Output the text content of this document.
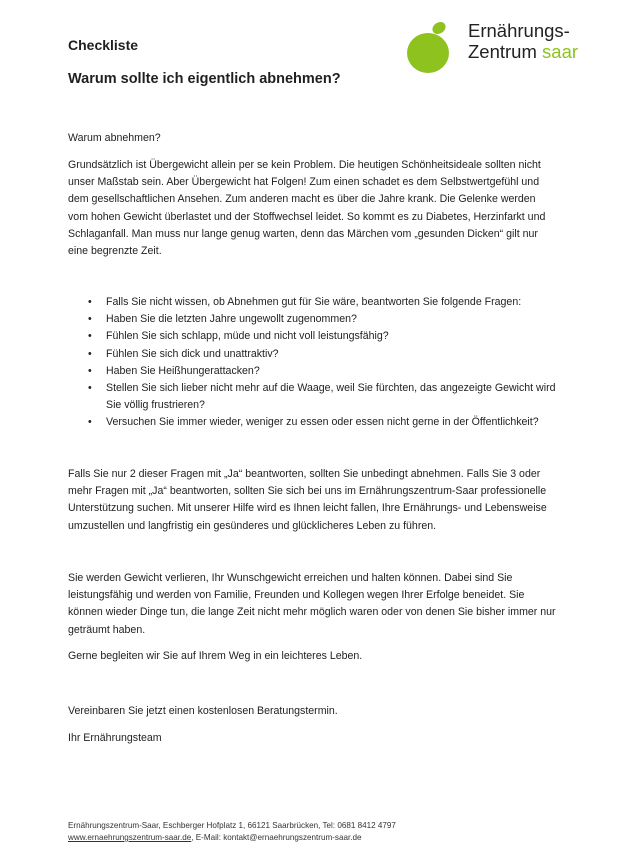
Checkliste
Warum sollte ich eigentlich abnehmen?
Ernährungs-
Zentrum saar

Warum abnehmen?

Grundsätzlich ist Übergewicht allein per se kein Problem. Die heutigen Schönheitsideale sollten nicht unser Maßstab sein. Aber Übergewicht hat Folgen! Zum einen schadet es dem Selbstwertgefühl und dem gesellschaftlichen Ansehen. Zum anderen macht es über die Jahre krank. Die Gelenke werden vom hohen Gewicht überlastet und der Stoffwechsel leidet. So kommt es zu Diabetes, Herzinfarkt und Schlaganfall. Man muss nur lange genug warten, denn das Märchen vom „gesunden Dicken“ gilt nur eine begrenzte Zeit.

• Falls Sie nicht wissen, ob Abnehmen gut für Sie wäre, beantworten Sie folgende Fragen:
• Haben Sie die letzten Jahre ungewollt zugenommen?
• Fühlen Sie sich schlapp, müde und nicht voll leistungsfähig?
• Fühlen Sie sich dick und unattraktiv?
• Haben Sie Heißhungerattacken?
• Stellen Sie sich lieber nicht mehr auf die Waage, weil Sie fürchten, das angezeigte Gewicht wird Sie völlig frustrieren?
• Versuchen Sie immer wieder, weniger zu essen oder essen nicht gerne in der Öffentlichkeit?

Falls Sie nur 2 dieser Fragen mit „Ja“ beantworten, sollten Sie unbedingt abnehmen. Falls Sie 3 oder mehr Fragen mit „Ja“ beantworten, sollten Sie sich bei uns im Ernährungszentrum-Saar professionelle Unterstützung suchen. Mit unserer Hilfe wird es Ihnen leicht fallen, Ihre Ernährungs- und Lebensweise umzustellen und langfristig ein gesünderes und glücklicheres Leben zu führen.

Sie werden Gewicht verlieren, Ihr Wunschgewicht erreichen und halten können. Dabei sind Sie leistungsfähig und werden von Familie, Freunden und Kollegen wegen Ihrer Erfolge beneidet. Sie können wieder Dinge tun, die lange Zeit nicht mehr möglich waren oder von denen Sie bisher immer nur geträumt haben.

Gerne begleiten wir Sie auf Ihrem Weg in ein leichteres Leben.

Vereinbaren Sie jetzt einen kostenlosen Beratungstermin.

Ihr Ernährungsteam

Ernährungszentrum-Saar, Eschberger Hofplatz 1, 66121 Saarbrücken, Tel: 0681 8412 4797
www.ernaehrungszentrum-saar.de, E-Mail: kontakt@ernaehrungszentrum-saar.de
